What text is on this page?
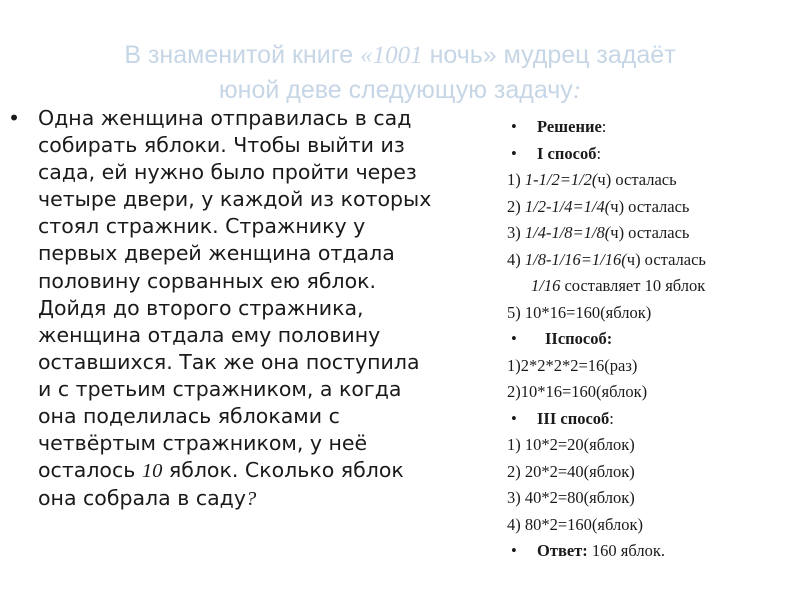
В знаменитой книге «1001 ночь» мудрец задаёт
юной деве следующую задачу:
• Одна женщина отправилась в сад
собирать яблоки. Чтобы выйти из
сада, ей нужно было пройти через
четыре двери, у каждой из которых
стоял стражник. Стражнику у
первых дверей женщина отдала
половину сорванных ею яблок.
Дойдя до второго стражника,
женщина отдала ему половину
оставшихся. Так же она поступила
и с третьим стражником, а когда
она поделилась яблоками с
четвёртым стражником, у неё
осталось 10 яблок. Сколько яблок
она собрала в саду?
• Решение:
• I способ:
1) 1-1/2=1/2(ч) осталась
2) 1/2-1/4=1/4(ч) осталась
3) 1/4-1/8=1/8(ч) осталась
4) 1/8-1/16=1/16(ч) осталась
1/16 составляет 10 яблок
5) 10*16=160(яблок)
• IIспособ:
1)2*2*2*2=16(раз)
2)10*16=160(яблок)
• III способ:
1) 10*2=20(яблок)
2) 20*2=40(яблок)
3) 40*2=80(яблок)
4) 80*2=160(яблок)
• Ответ: 160 яблок.
